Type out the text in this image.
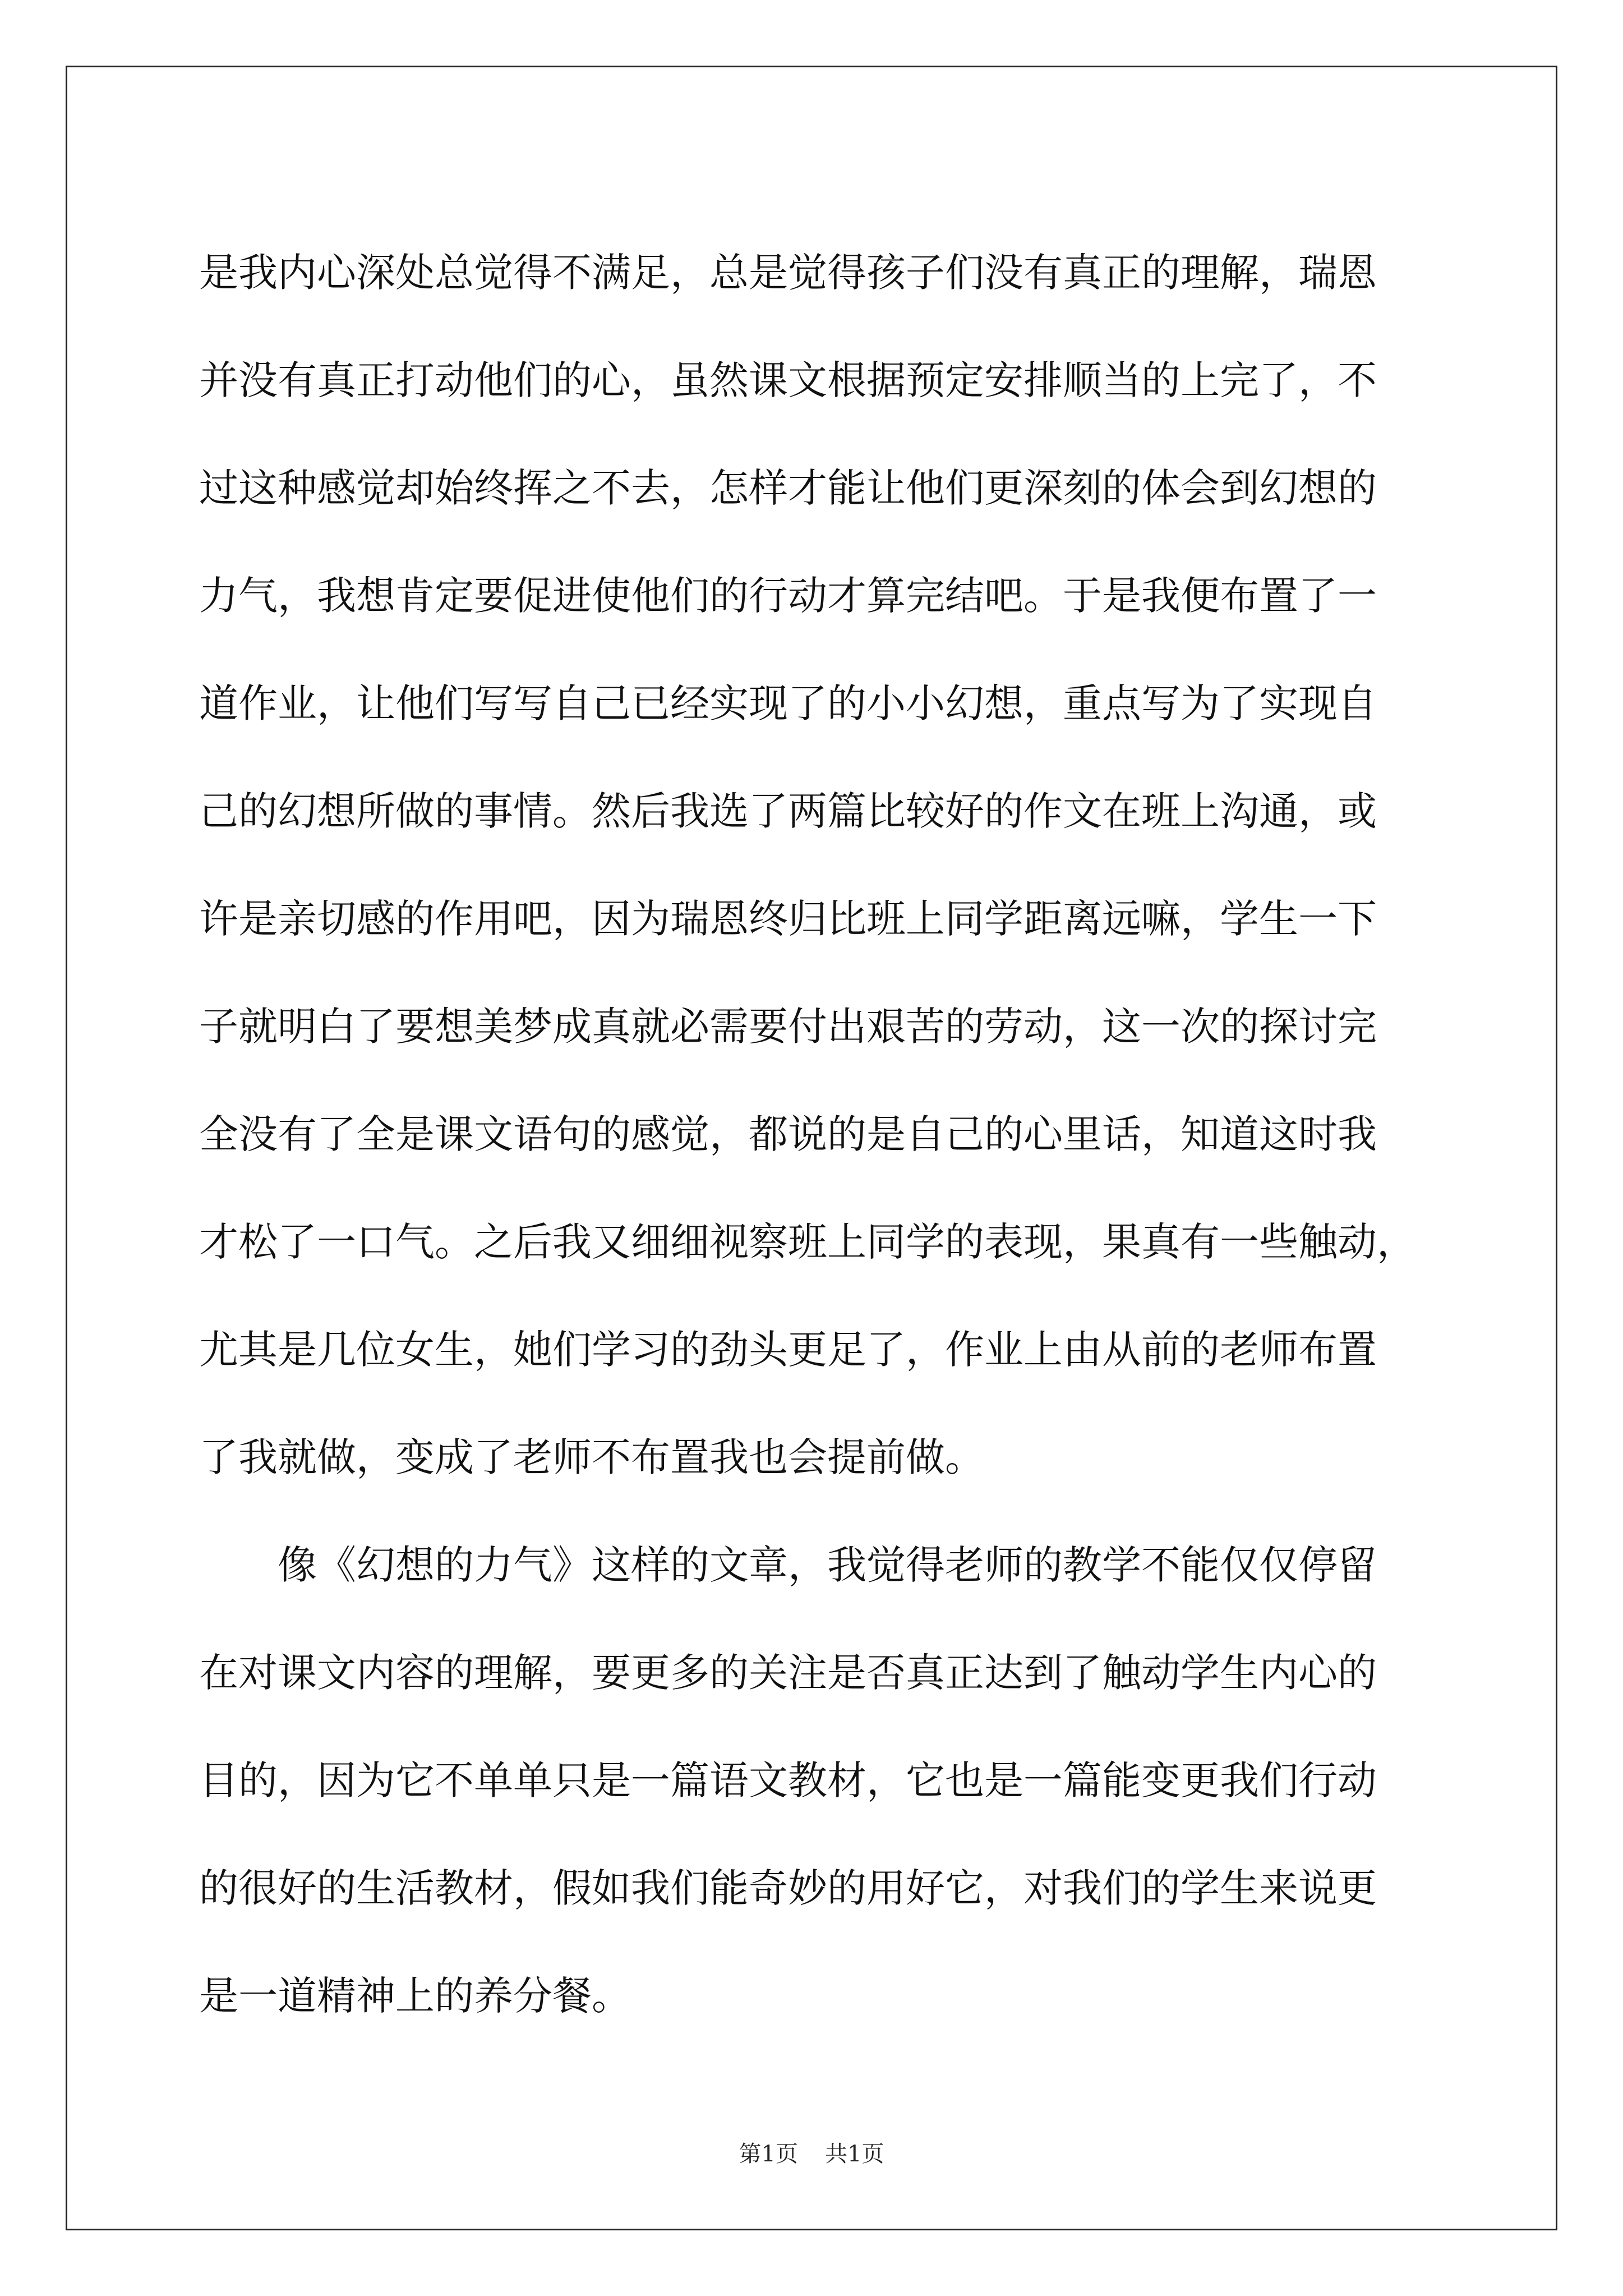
是我内心深处总觉得不满足，总是觉得孩子们没有真正的理解，瑞恩

并没有真正打动他们的心，虽然课文根据预定安排顺当的上完了，不

过这种感觉却始终挥之不去，怎样才能让他们更深刻的体会到幻想的

力气，我想肯定要促进使他们的行动才算完结吧。于是我便布置了一

道作业，让他们写写自己已经实现了的小小幻想，重点写为了实现自

己的幻想所做的事情。然后我选了两篇比较好的作文在班上沟通，或

许是亲切感的作用吧，因为瑞恩终归比班上同学距离远嘛，学生一下

子就明白了要想美梦成真就必需要付出艰苦的劳动，这一次的探讨完

全没有了全是课文语句的感觉，都说的是自己的心里话，知道这时我

才松了一口气。之后我又细细视察班上同学的表现，果真有一些触动，

尤其是几位女生，她们学习的劲头更足了，作业上由从前的老师布置

了我就做，变成了老师不布置我也会提前做。

　　像《幻想的力气》这样的文章，我觉得老师的教学不能仅仅停留

在对课文内容的理解，要更多的关注是否真正达到了触动学生内心的

目的，因为它不单单只是一篇语文教材，它也是一篇能变更我们行动

的很好的生活教材，假如我们能奇妙的用好它，对我们的学生来说更

是一道精神上的养分餐。

第1页 共1页
